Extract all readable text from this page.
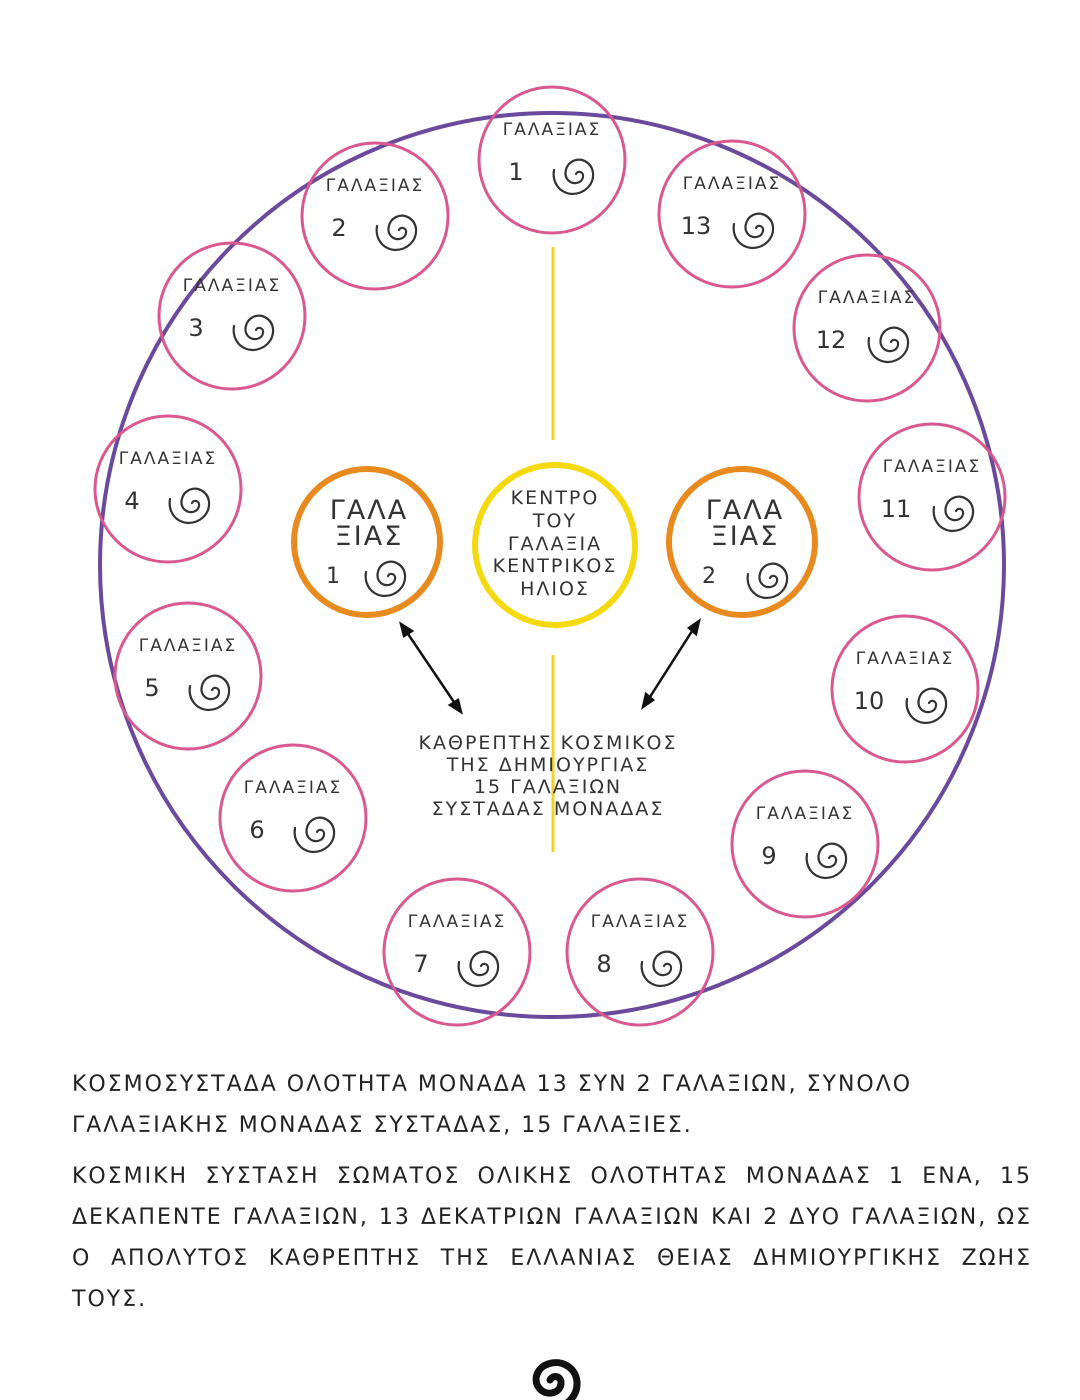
ΓΑΛΑΞΙΑΣ
1
ΓΑΛΑΞΙΑΣ
2
ΓΑΛΑΞΙΑΣ
3
ΓΑΛΑΞΙΑΣ
4
ΓΑΛΑΞΙΑΣ
5
ΓΑΛΑΞΙΑΣ
6
ΓΑΛΑΞΙΑΣ
7
ΓΑΛΑΞΙΑΣ
8
ΓΑΛΑΞΙΑΣ
9
ΓΑΛΑΞΙΑΣ
10
ΓΑΛΑΞΙΑΣ
11
ΓΑΛΑΞΙΑΣ
12
ΓΑΛΑΞΙΑΣ
13
ΓΑΛΑ
ΞΙΑΣ
1
ΓΑΛΑ
ΞΙΑΣ
2
ΚΕΝΤΡΟ
ΤΟΥ
ΓΑΛΑΞΙΑ
ΚΕΝΤΡΙΚΟΣ
ΗΛΙΟΣ
ΚΑΘΡΕΠΤΗΣ ΚΟΣΜΙΚΟΣ
ΤΗΣ ΔΗΜΙΟΥΡΓΙΑΣ
15 ΓΑΛΑΞΙΩΝ
ΣΥΣΤΑΔΑΣ ΜΟΝΑΔΑΣ
ΚΟΣΜΟΣΥΣΤΑΔΑ ΟΛΟΤΗΤΑ ΜΟΝΑΔΑ 13 ΣΥΝ 2 ΓΑΛΑΞΙΩΝ, ΣΥΝΟΛΟ ΓΑΛΑΞΙΑΚΗΣ ΜΟΝΑΔΑΣ ΣΥΣΤΑΔΑΣ, 15 ΓΑΛΑΞΙΕΣ.
ΚΟΣΜΙΚΗ ΣΥΣΤΑΣΗ ΣΩΜΑΤΟΣ ΟΛΙΚΗΣ ΟΛΟΤΗΤΑΣ ΜΟΝΑΔΑΣ 1 ΕΝΑ, 15 ΔΕΚΑΠΕΝΤΕ ΓΑΛΑΞΙΩΝ, 13 ΔΕΚΑΤΡΙΩΝ ΓΑΛΑΞΙΩΝ ΚΑΙ 2 ΔΥΟ ΓΑΛΑΞΙΩΝ, ΩΣ Ο ΑΠΟΛΥΤΟΣ ΚΑΘΡΕΠΤΗΣ ΤΗΣ ΕΛΛΑΝΙΑΣ ΘΕΙΑΣ ΔΗΜΙΟΥΡΓΙΚΗΣ ΖΩΗΣ ΤΟΥΣ.
